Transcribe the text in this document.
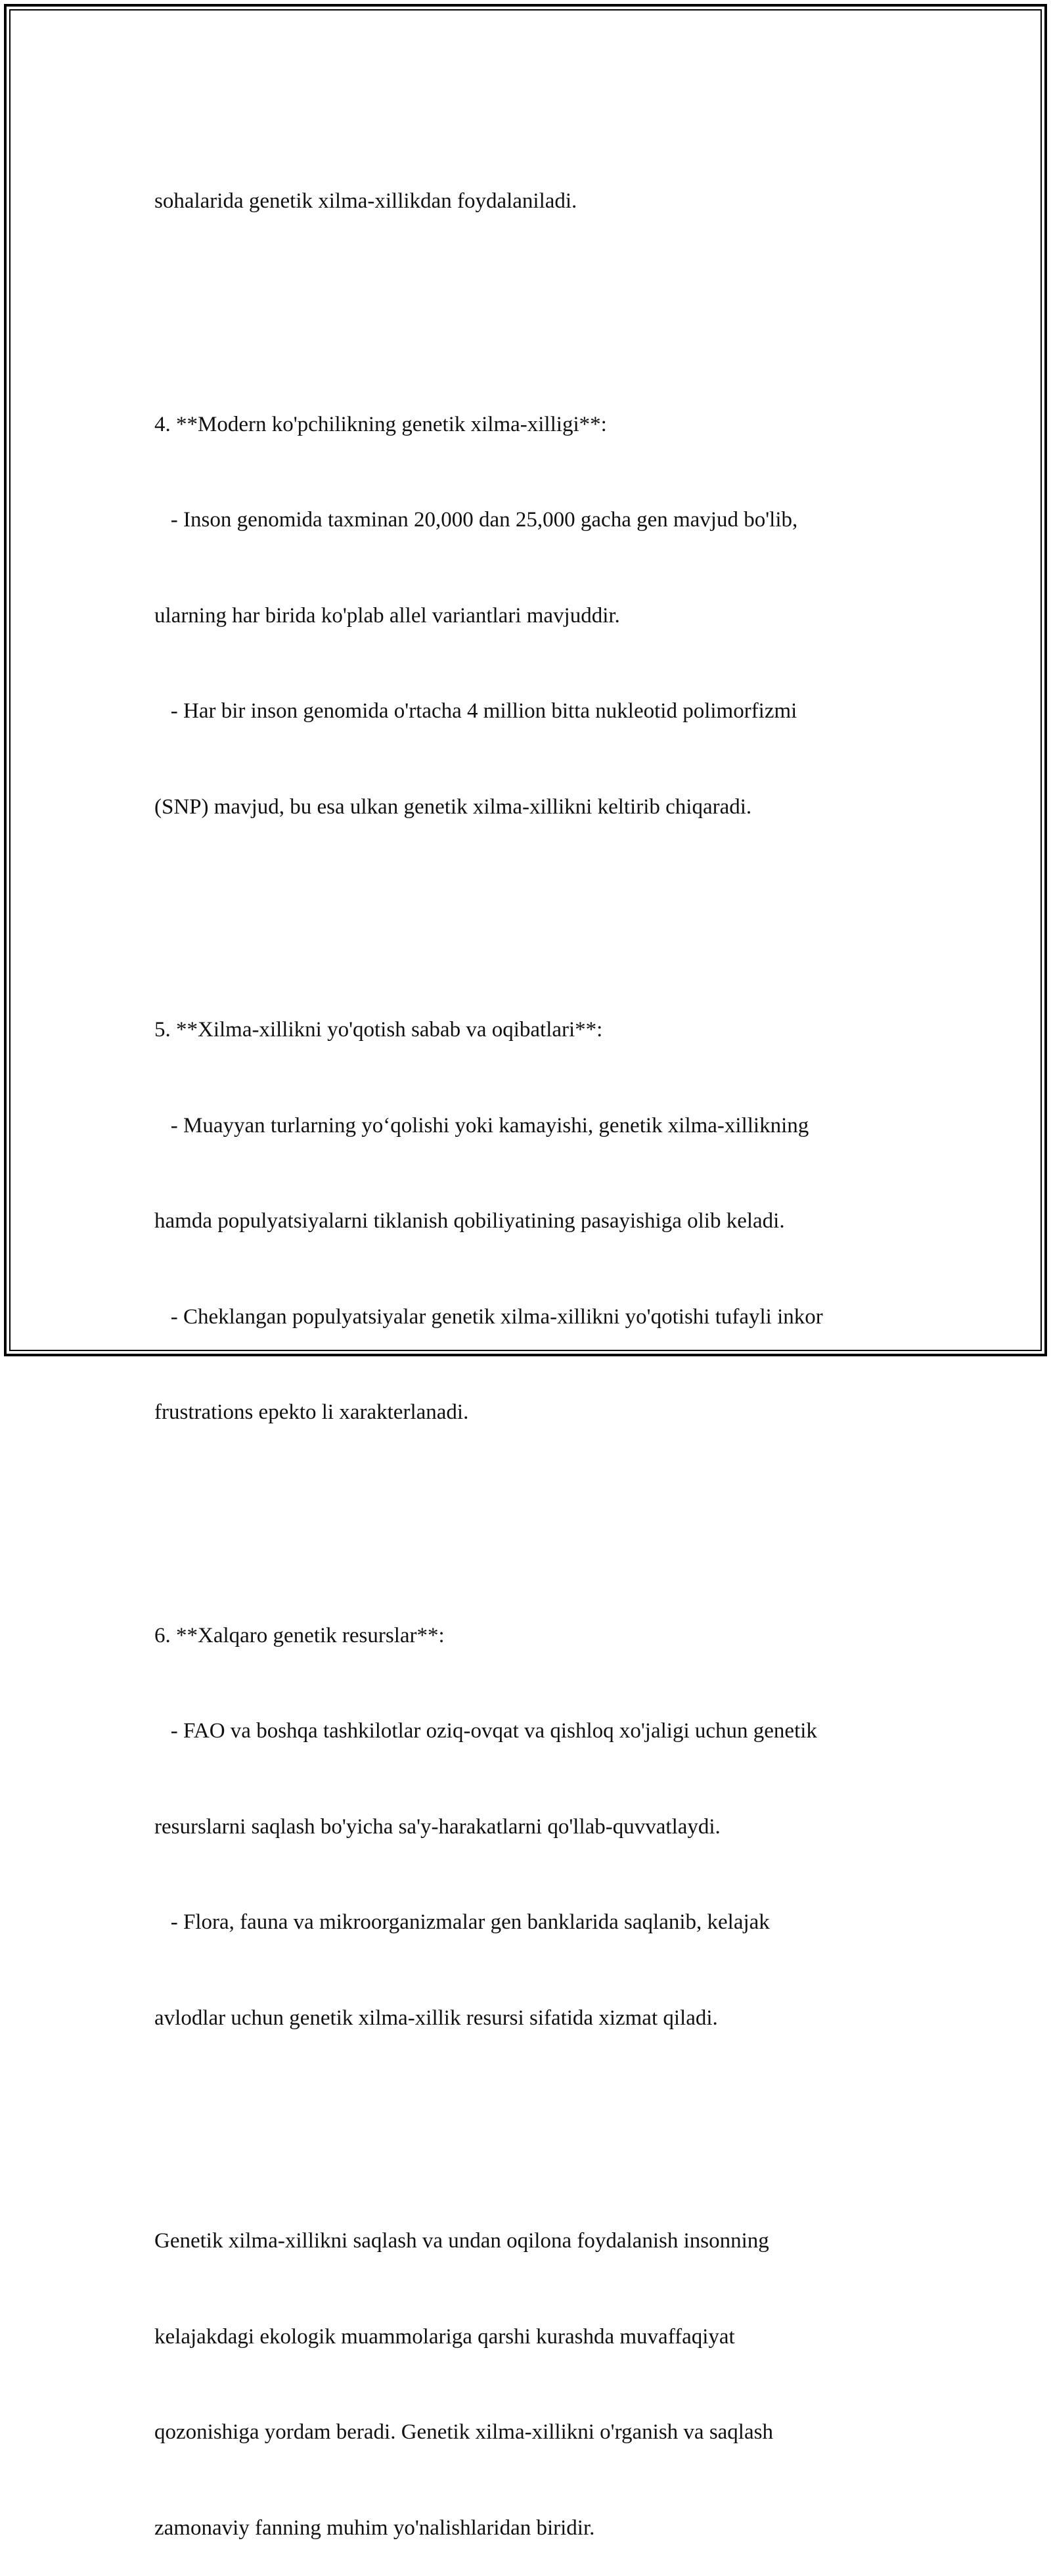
sohalarida genetik xilma-xillikdan foydalaniladi.

4. **Modern ko'pchilikning genetik xilma-xilligi**:

- Inson genomida taxminan 20,000 dan 25,000 gacha gen mavjud bo'lib,

ularning har birida ko'plab allel variantlari mavjuddir.

- Har bir inson genomida o'rtacha 4 million bitta nukleotid polimorfizmi

(SNP) mavjud, bu esa ulkan genetik xilma-xillikni keltirib chiqaradi.

5. **Xilma-xillikni yo'qotish sabab va oqibatlari**:

- Muayyan turlarning yo‘qolishi yoki kamayishi, genetik xilma-xillikning

hamda populyatsiyalarni tiklanish qobiliyatining pasayishiga olib keladi.

- Cheklangan populyatsiyalar genetik xilma-xillikni yo'qotishi tufayli inkor

frustrations epekto li xarakterlanadi.

6. **Xalqaro genetik resurslar**:

- FAO va boshqa tashkilotlar oziq-ovqat va qishloq xo'jaligi uchun genetik

resurslarni saqlash bo'yicha sa'y-harakatlarni qo'llab-quvvatlaydi.

- Flora, fauna va mikroorganizmalar gen banklarida saqlanib, kelajak

avlodlar uchun genetik xilma-xillik resursi sifatida xizmat qiladi.

Genetik xilma-xillikni saqlash va undan oqilona foydalanish insonning

kelajakdagi ekologik muammolariga qarshi kurashda muvaffaqiyat

qozonishiga yordam beradi. Genetik xilma-xillikni o'rganish va saqlash

zamonaviy fanning muhim yo'nalishlaridan biridir.
